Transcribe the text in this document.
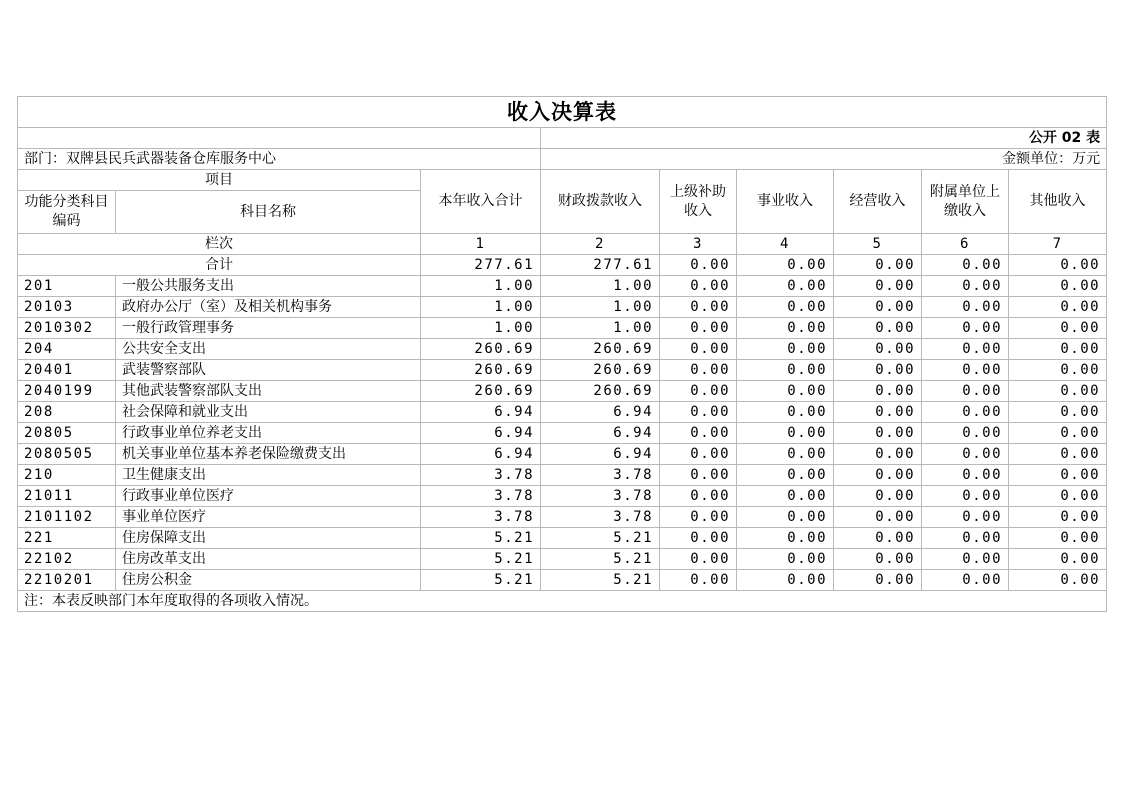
收入决算表								
			公开 02 表					
部门：双牌县民兵武器装备仓库服务中心			金额单位：万元					
项目		本年收入合计	财政拨款收入	上级补助收入	事业收入	经营收入	附属单位上缴收入	其他收入
功能分类科目编码	科目名称							
栏次		1	2	3	4	5	6	7
合计		277.61	277.61	0.00	0.00	0.00	0.00	0.00
201	一般公共服务支出	1.00	1.00	0.00	0.00	0.00	0.00	0.00
20103	政府办公厅（室）及相关机构事务	1.00	1.00	0.00	0.00	0.00	0.00	0.00
2010302	一般行政管理事务	1.00	1.00	0.00	0.00	0.00	0.00	0.00
204	公共安全支出	260.69	260.69	0.00	0.00	0.00	0.00	0.00
20401	武装警察部队	260.69	260.69	0.00	0.00	0.00	0.00	0.00
2040199	其他武装警察部队支出	260.69	260.69	0.00	0.00	0.00	0.00	0.00
208	社会保障和就业支出	6.94	6.94	0.00	0.00	0.00	0.00	0.00
20805	行政事业单位养老支出	6.94	6.94	0.00	0.00	0.00	0.00	0.00
2080505	机关事业单位基本养老保险缴费支出	6.94	6.94	0.00	0.00	0.00	0.00	0.00
210	卫生健康支出	3.78	3.78	0.00	0.00	0.00	0.00	0.00
21011	行政事业单位医疗	3.78	3.78	0.00	0.00	0.00	0.00	0.00
2101102	事业单位医疗	3.78	3.78	0.00	0.00	0.00	0.00	0.00
221	住房保障支出	5.21	5.21	0.00	0.00	0.00	0.00	0.00
22102	住房改革支出	5.21	5.21	0.00	0.00	0.00	0.00	0.00
2210201	住房公积金	5.21	5.21	0.00	0.00	0.00	0.00	0.00
注：本表反映部门本年度取得的各项收入情况。								
